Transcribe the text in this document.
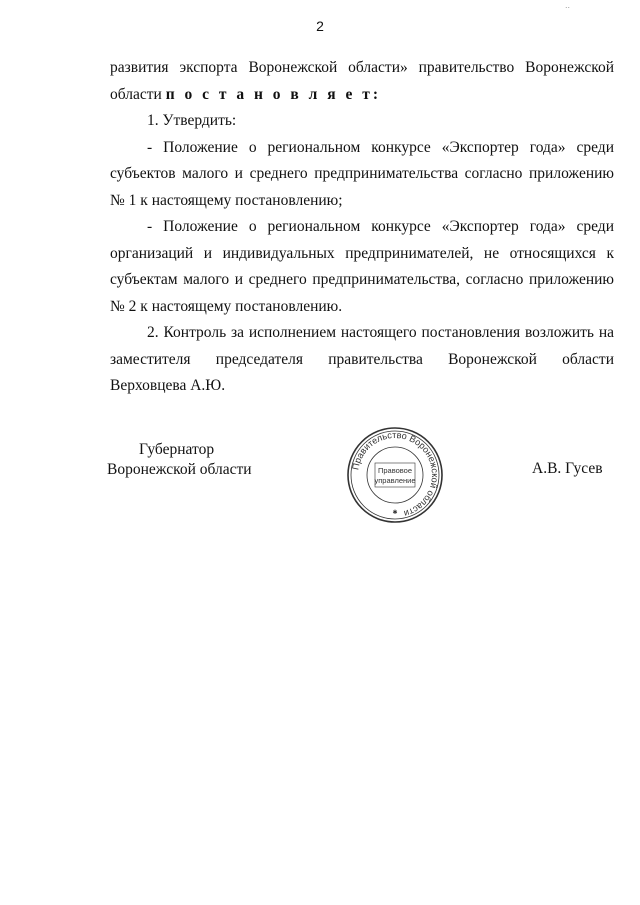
..
2
развития экспорта Воронежской области» правительство Воронежской
области п о с т а н о в л я е т:
1. Утвердить:
- Положение о региональном конкурсе «Экспортер года» среди
субъектов малого и среднего предпринимательства согласно приложению
№ 1 к настоящему постановлению;
- Положение о региональном конкурсе «Экспортер года» среди
организаций и индивидуальных предпринимателей, не относящихся к
субъектам малого и среднего предпринимательства, согласно приложению
№ 2 к настоящему постановлению.
2. Контроль за исполнением настоящего постановления возложить на
заместителя председателя правительства Воронежской области
Верховцева А.Ю.
Губернатор
Воронежской области	Правительство Воронежской области
Правовое
управление
✱
А.В. Гусев
